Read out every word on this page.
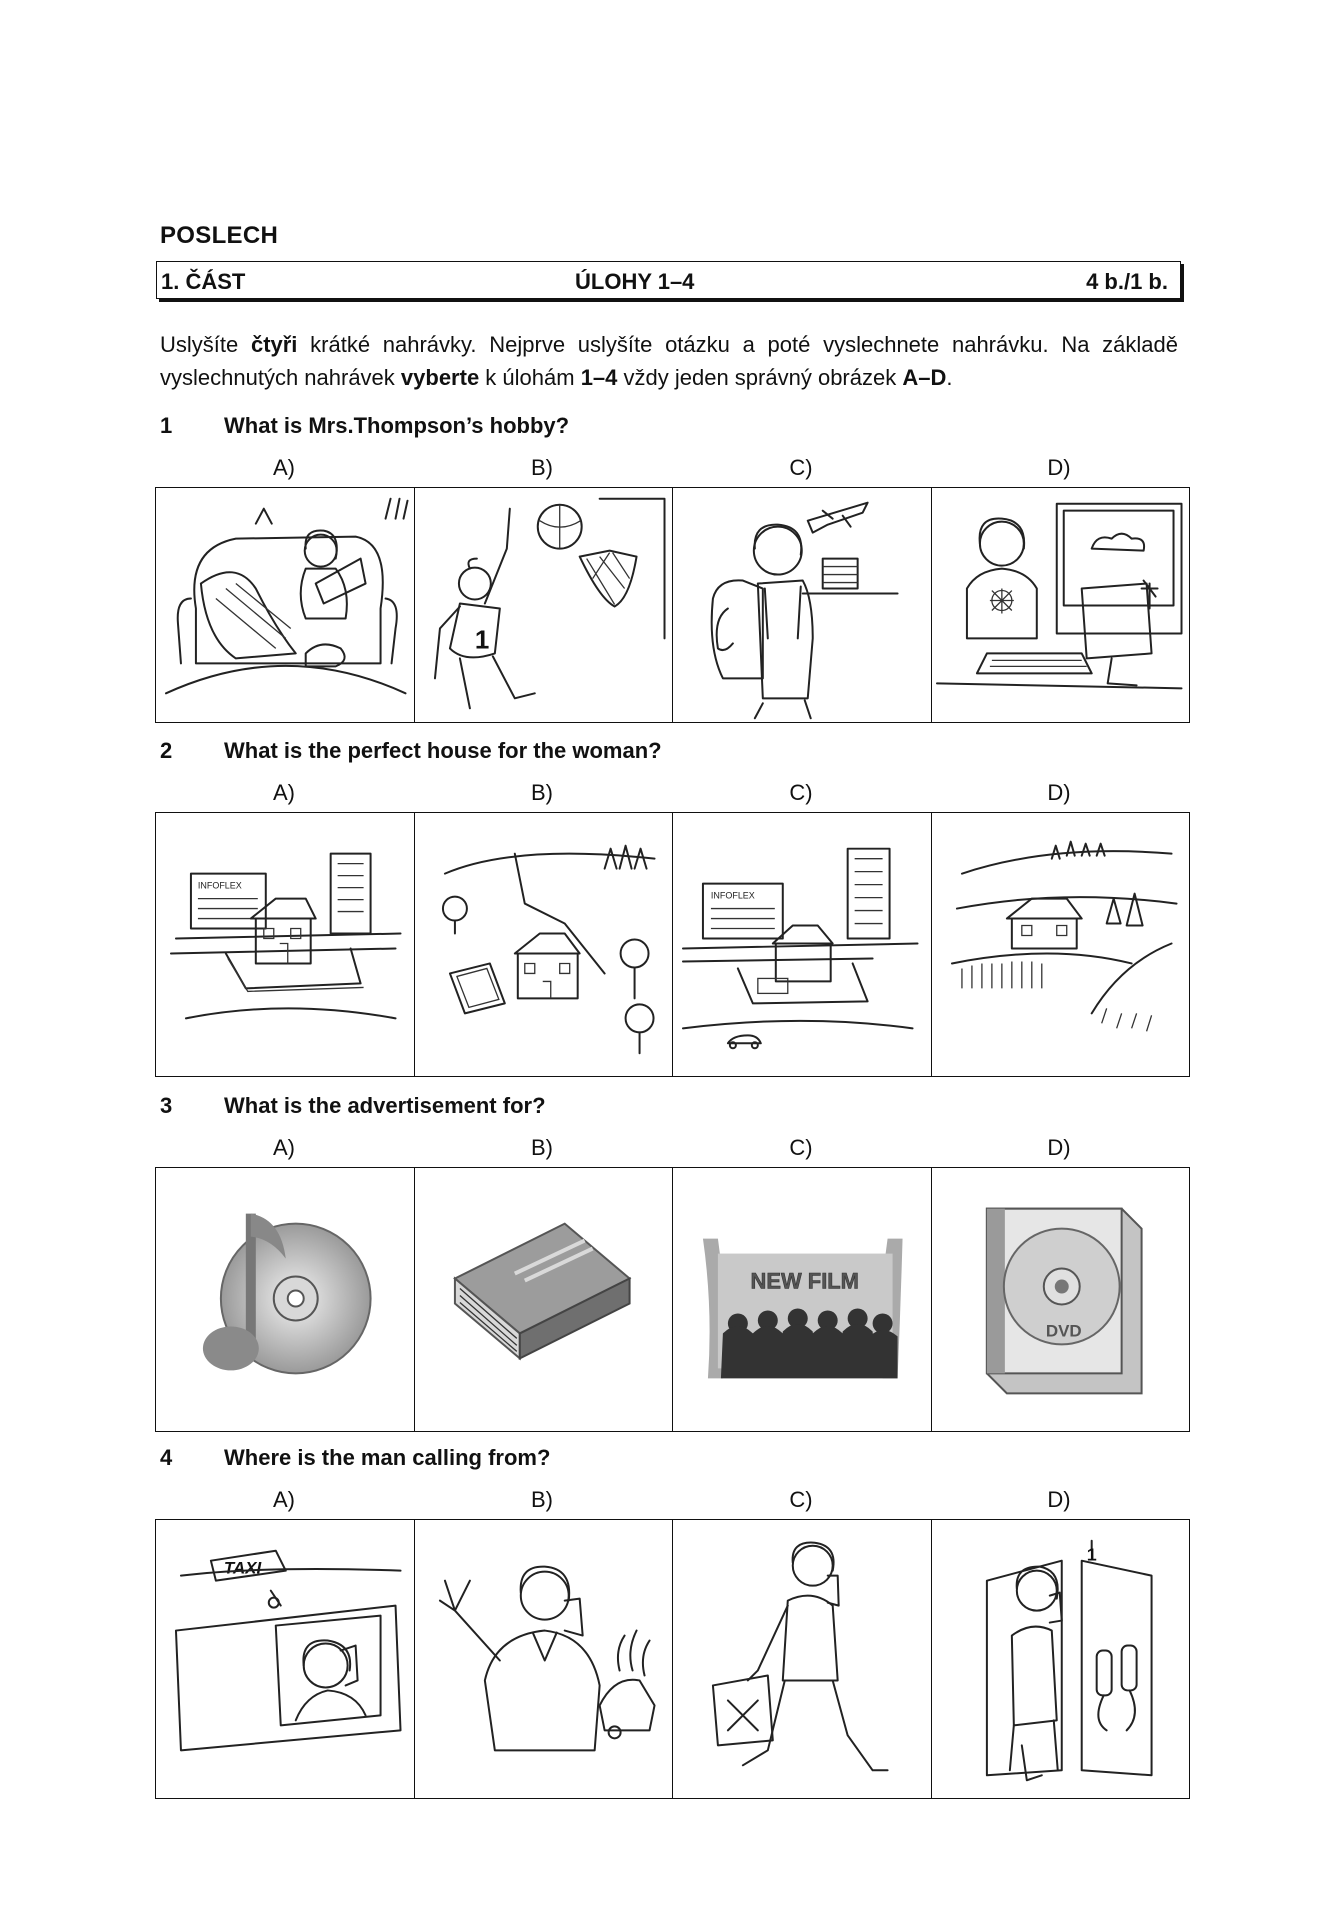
POSLECH
1. ČÁST	ÚLOHY 1–4	4 b./1 b.
Uslyšíte čtyři krátké nahrávky. Nejprve uslyšíte otázku a poté vyslechnete nahrávku. Na základě vyslechnutých nahrávek vyberte k úlohám 1–4 vždy jeden správný obrázek A–D.
1 What is Mrs.Thompson’s hobby?
A)	B)	C)	D)
1
2 What is the perfect house for the woman?
A)	B)	C)	D)
INFOFLEX
INFOFLEX
3 What is the advertisement for?
A)	B)	C)	D)
NEW FILM
DVD
4 Where is the man calling from?
A)	B)	C)	D)
TAXI
1
